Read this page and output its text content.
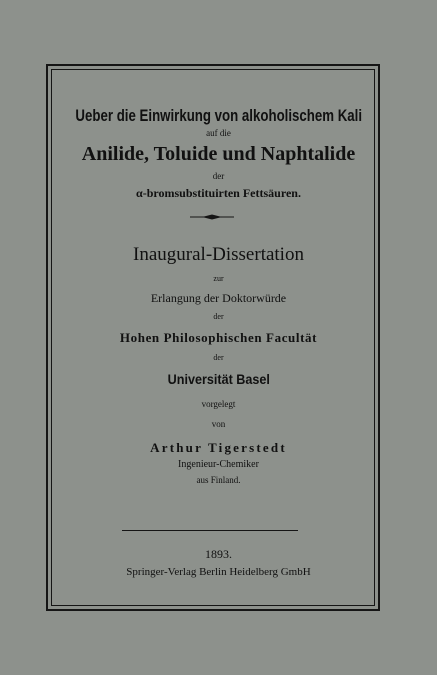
Ueber die Einwirkung von alkoholischem Kali
auf die
Anilide, Toluide und Naphtalide
der
α-bromsubstituirten Fettsäuren.
Inaugural-Dissertation
zur
Erlangung der Doktorwürde
der
Hohen Philosophischen Facultät
der
Universität Basel
vorgelegt
von
Arthur Tigerstedt
Ingenieur-Chemiker
aus Finland.
1893.
Springer-Verlag Berlin Heidelberg GmbH
